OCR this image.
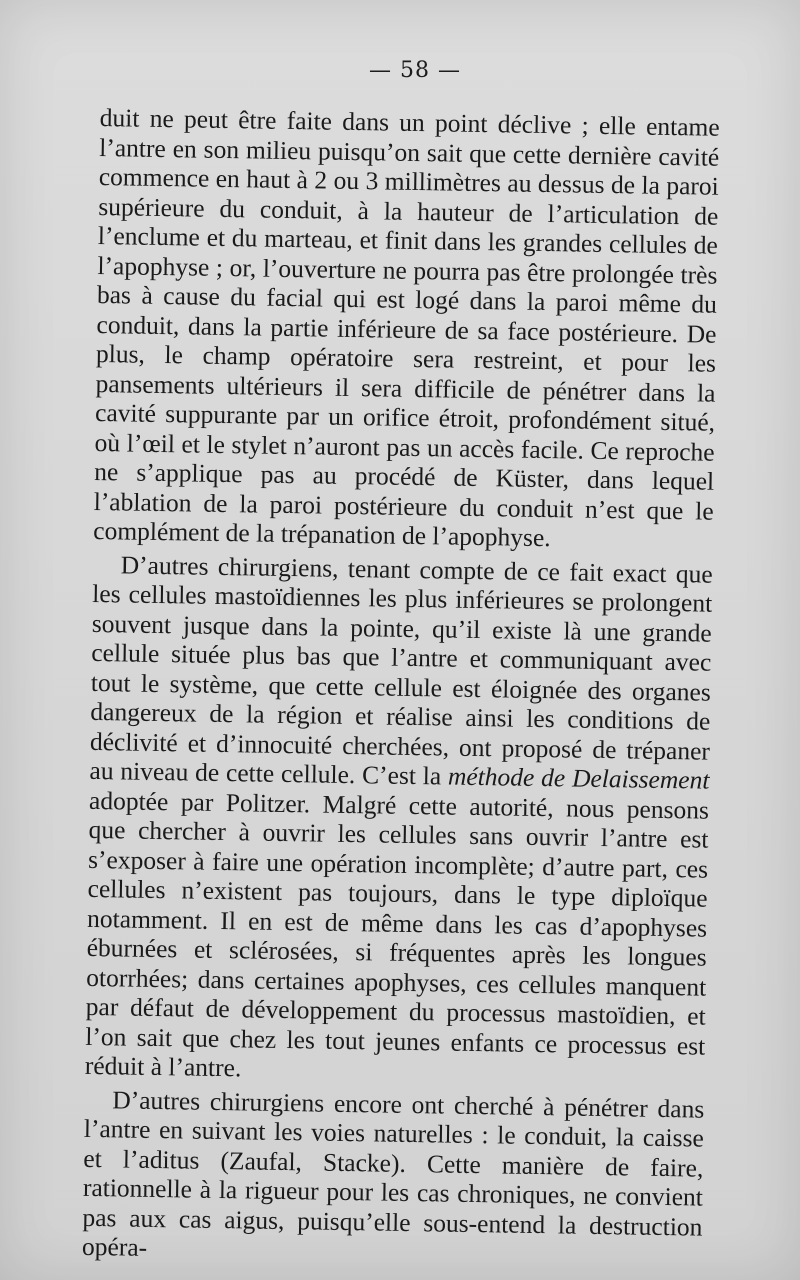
— 58 —

duit ne peut être faite dans un point déclive ; elle entame l’antre en son milieu puisqu’on sait que cette dernière cavité commence en haut à 2 ou 3 millimètres au dessus de la paroi supérieure du conduit, à la hauteur de l’articulation de l’enclume et du marteau, et finit dans les grandes cellules de l’apophyse ; or, l’ouverture ne pourra pas être prolongée très bas à cause du facial qui est logé dans la paroi même du conduit, dans la partie inférieure de sa face postérieure. De plus, le champ opératoire sera restreint, et pour les pansements ultérieurs il sera difficile de pénétrer dans la cavité suppurante par un orifice étroit, profondément situé, où l’œil et le stylet n’auront pas un accès facile. Ce reproche ne s’applique pas au procédé de Küster, dans lequel l’ablation de la paroi postérieure du conduit n’est que le complément de la trépanation de l’apophyse.

D’autres chirurgiens, tenant compte de ce fait exact que les cellules mastoïdiennes les plus inférieures se prolongent souvent jusque dans la pointe, qu’il existe là une grande cellule située plus bas que l’antre et communiquant avec tout le système, que cette cellule est éloignée des organes dangereux de la région et réalise ainsi les conditions de déclivité et d’innocuité cherchées, ont proposé de trépaner au niveau de cette cellule. C’est la méthode de Delaissement adoptée par Politzer. Malgré cette autorité, nous pensons que chercher à ouvrir les cellules sans ouvrir l’antre est s’exposer à faire une opération incomplète; d’autre part, ces cellules n’existent pas toujours, dans le type diploïque notamment. Il en est de même dans les cas d’apophyses éburnées et sclérosées, si fréquentes après les longues otorrhées; dans certaines apophyses, ces cellules manquent par défaut de développement du processus mastoïdien, et l’on sait que chez les tout jeunes enfants ce processus est réduit à l’antre.

D’autres chirurgiens encore ont cherché à pénétrer dans l’antre en suivant les voies naturelles : le conduit, la caisse et l’aditus (Zaufal, Stacke). Cette manière de faire, rationnelle à la rigueur pour les cas chroniques, ne convient pas aux cas aigus, puisqu’elle sous-entend la destruction opéra-
